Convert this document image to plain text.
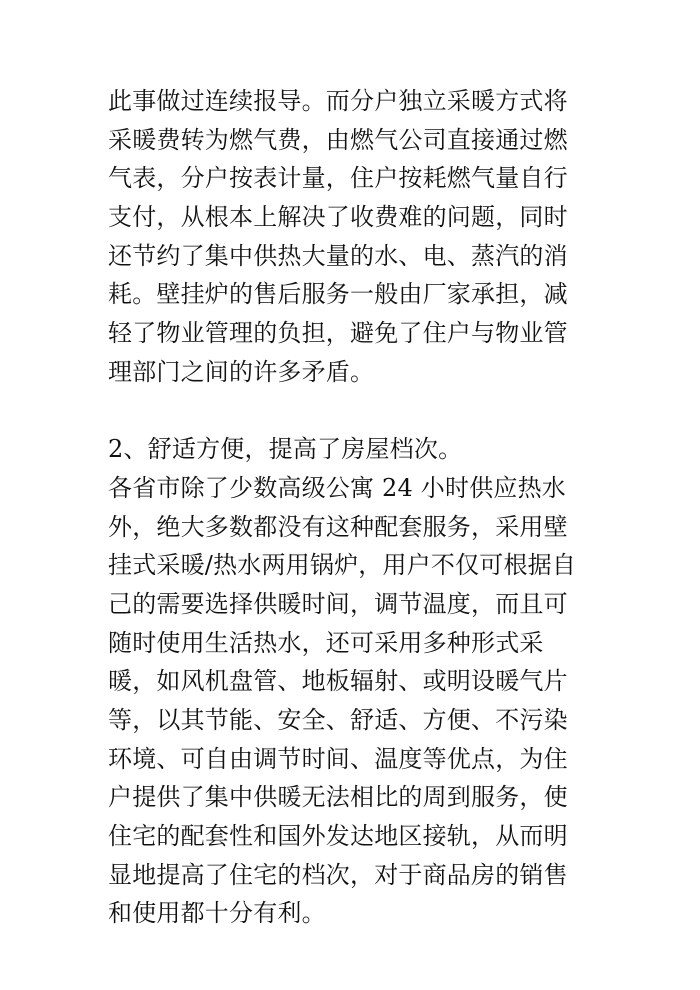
此事做过连续报导。而分户独立采暖方式将
采暖费转为燃气费，由燃气公司直接通过燃
气表，分户按表计量，住户按耗燃气量自行
支付，从根本上解决了收费难的问题，同时
还节约了集中供热大量的水、电、蒸汽的消
耗。壁挂炉的售后服务一般由厂家承担，减
轻了物业管理的负担，避免了住户与物业管
理部门之间的许多矛盾。
2、舒适方便，提高了房屋档次。
各省市除了少数高级公寓 24 小时供应热水
外，绝大多数都没有这种配套服务，采用壁
挂式采暖/热水两用锅炉，用户不仅可根据自
己的需要选择供暖时间，调节温度，而且可
随时使用生活热水，还可采用多种形式采
暖，如风机盘管、地板辐射、或明设暖气片
等，以其节能、安全、舒适、方便、不污染
环境、可自由调节时间、温度等优点，为住
户提供了集中供暖无法相比的周到服务，使
住宅的配套性和国外发达地区接轨，从而明
显地提高了住宅的档次，对于商品房的销售
和使用都十分有利。
